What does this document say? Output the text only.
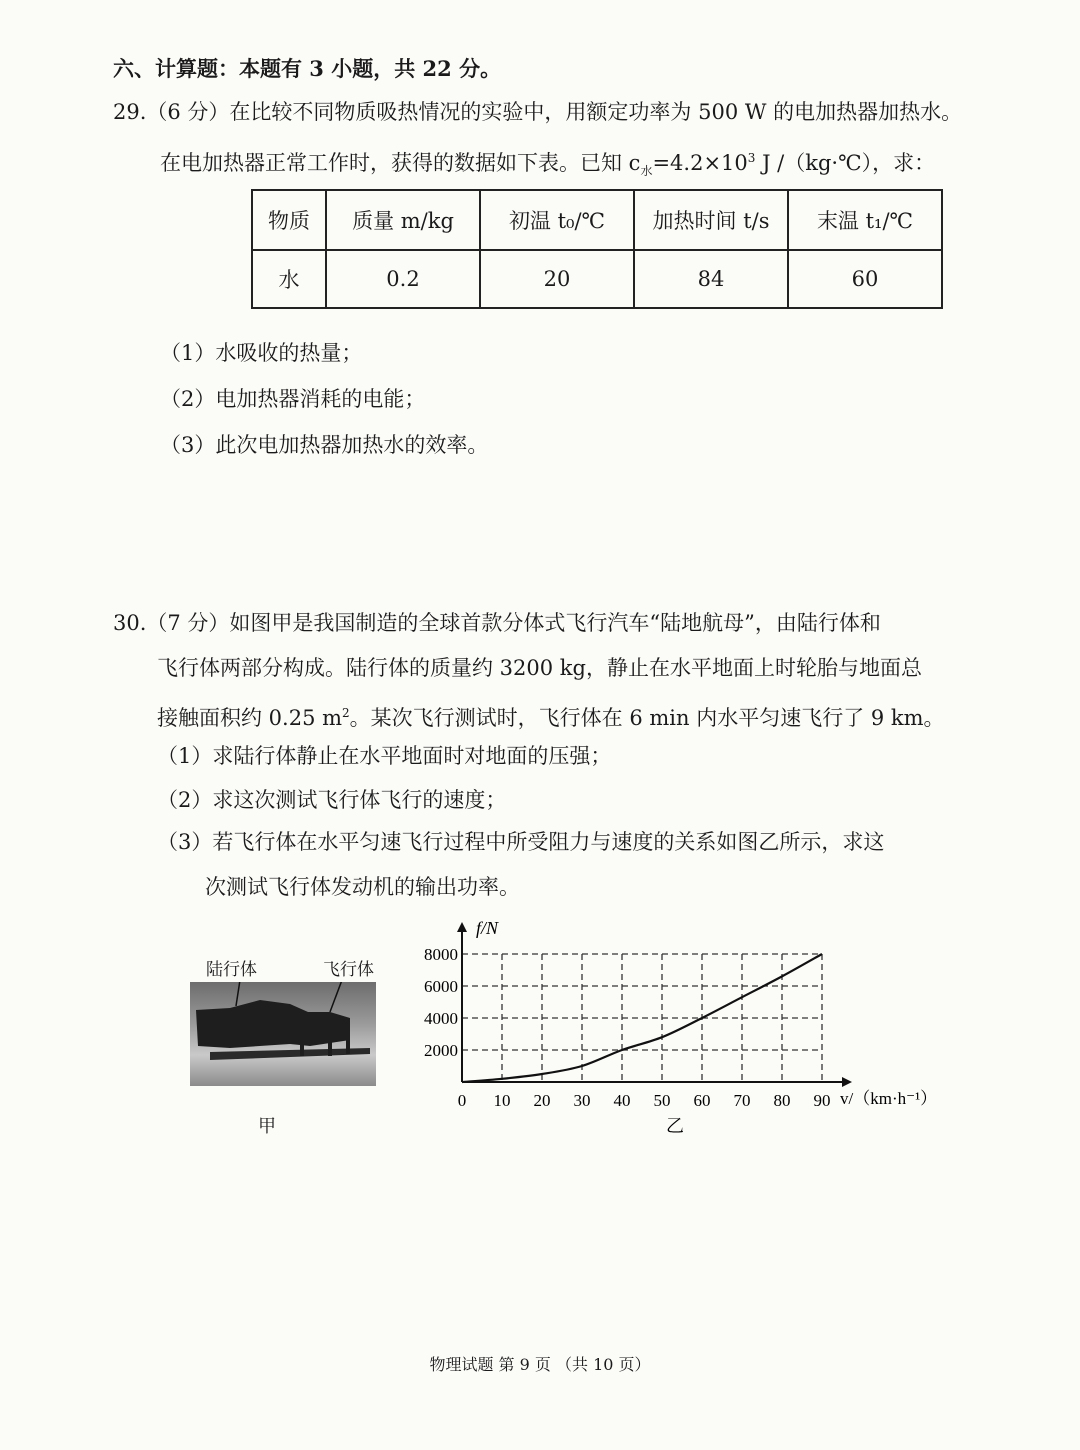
六、计算题：本题有 3 小题，共 22 分。
29.（6 分）在比较不同物质吸热情况的实验中，用额定功率为 500 W 的电加热器加热水。
在电加热器正常工作时，获得的数据如下表。已知 $c_水=4.2\times 10^3$ J /（kg·℃），求：
物质	质量 m/kg	初温 t₀/℃	加热时间 t/s	末温 t₁/℃
水	0.2	20	84	60
（1）水吸收的热量；
（2）电加热器消耗的电能；
（3）此次电加热器加热水的效率。
30.（7 分）如图甲是我国制造的全球首款分体式飞行汽车“陆地航母”，由陆行体和
飞行体两部分构成。陆行体的质量约 3200 kg，静止在水平地面上时轮胎与地面总
接触面积约 0.25 $m^2$。某次飞行测试时，飞行体在 6 min 内水平匀速飞行了 9 km。
（1）求陆行体静止在水平地面时对地面的压强；
（2）求这次测试飞行体飞行的速度；
（3）若飞行体在水平匀速飞行过程中所受阻力与速度的关系如图乙所示，求这
次测试飞行体发动机的输出功率。
陆行体	飞行体
甲
0 10 20 30 40 50 60 70 80 90
2000
4000
6000
8000
f/N
v/（km·h⁻¹）
乙
物理试题 第 9 页 （共 10 页）
